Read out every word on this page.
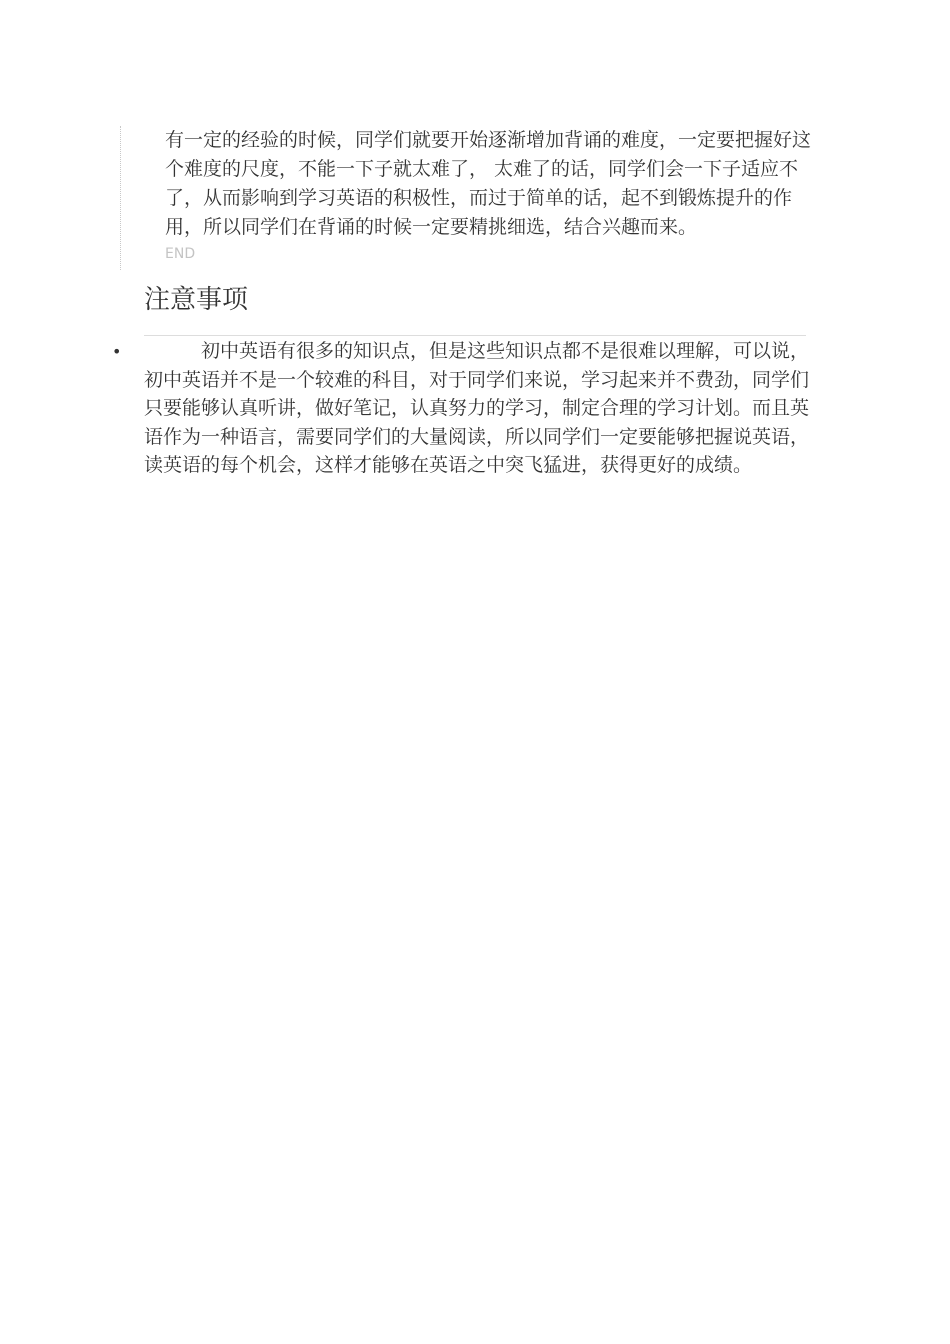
有一定的经验的时候，同学们就要开始逐渐增加背诵的难度，一定要把握好这个难度的尺度，不能一下子就太难了， 太难了的话，同学们会一下子适应不了，从而影响到学习英语的积极性，而过于简单的话，起不到锻炼提升的作用，所以同学们在背诵的时候一定要精挑细选，结合兴趣而来。

END
注意事项
•	初中英语有很多的知识点，但是这些知识点都不是很难以理解，可以说，初中英语并不是一个较难的科目，对于同学们来说，学习起来并不费劲，同学们只要能够认真听讲，做好笔记，认真努力的学习，制定合理的学习计划。而且英语作为一种语言，需要同学们的大量阅读，所以同学们一定要能够把握说英语，读英语的每个机会，这样才能够在英语之中突飞猛进，获得更好的成绩。
